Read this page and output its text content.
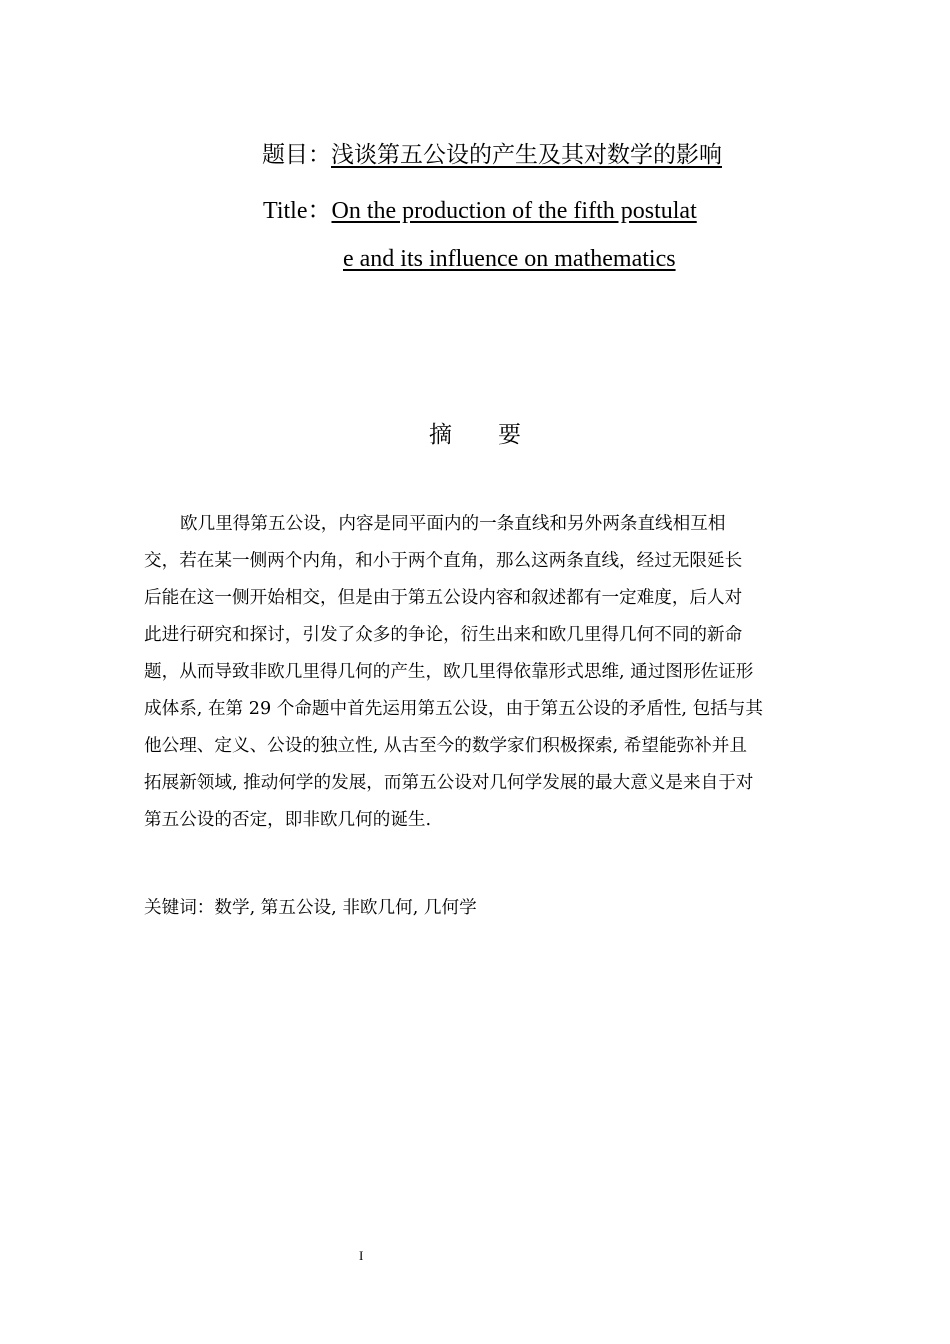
题目：浅谈第五公设的产生及其对数学的影响
Title：On the production of the fifth postulat
e and its influence on mathematics
摘 要
欧几里得第五公设，内容是同平面内的一条直线和另外两条直线相互相
交，若在某一侧两个内角，和小于两个直角，那么这两条直线，经过无限延长
后能在这一侧开始相交，但是由于第五公设内容和叙述都有一定难度，后人对
此进行研究和探讨，引发了众多的争论，衍生出来和欧几里得几何不同的新命
题，从而导致非欧几里得几何的产生，欧几里得依靠形式思维, 通过图形佐证形
成体系, 在第 29 个命题中首先运用第五公设，由于第五公设的矛盾性, 包括与其
他公理、定义、公设的独立性, 从古至今的数学家们积极探索, 希望能弥补并且
拓展新领域, 推动何学的发展，而第五公设对几何学发展的最大意义是来自于对
第五公设的否定，即非欧几何的诞生.
关键词：数学, 第五公设, 非欧几何, 几何学
I
